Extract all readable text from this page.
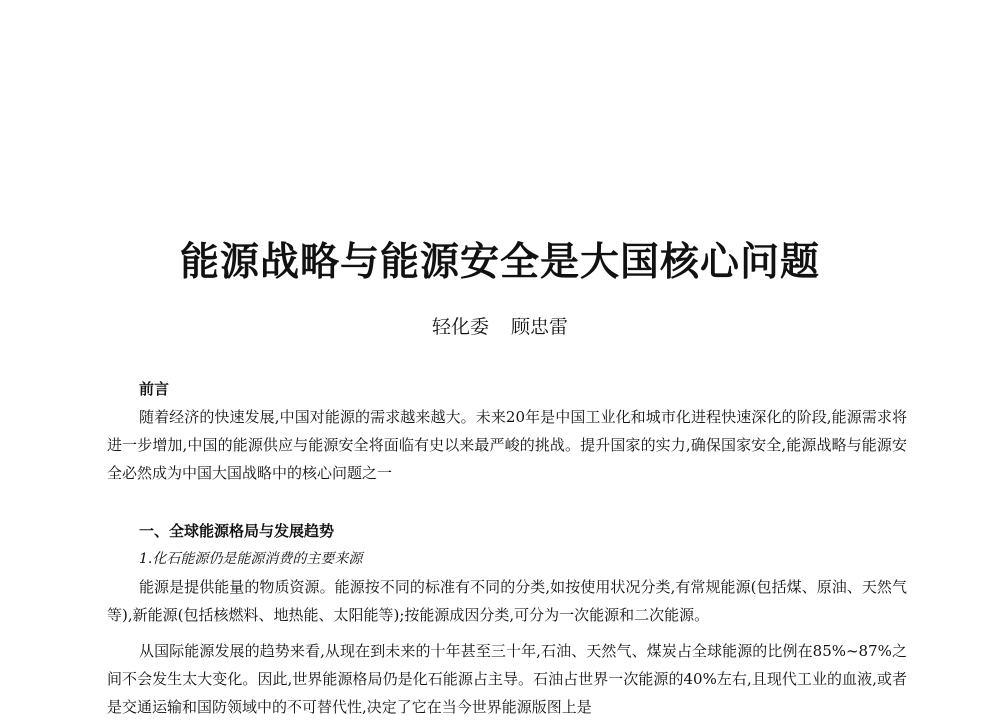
能源战略与能源安全是大国核心问题
轻化委 顾忠雷

前言

随着经济的快速发展,中国对能源的需求越来越大。未来20年是中国工业化和城市化进程快速深化的阶段,能源需求将进一步增加,中国的能源供应与能源安全将面临有史以来最严峻的挑战。提升国家的实力,确保国家安全,能源战略与能源安全必然成为中国大国战略中的核心问题之一

一、全球能源格局与发展趋势

1.化石能源仍是能源消费的主要来源

能源是提供能量的物质资源。能源按不同的标准有不同的分类,如按使用状况分类,有常规能源(包括煤、原油、天然气等),新能源(包括核燃料、地热能、太阳能等);按能源成因分类,可分为一次能源和二次能源。

从国际能源发展的趋势来看,从现在到未来的十年甚至三十年,石油、天然气、煤炭占全球能源的比例在85%~87%之间不会发生太大变化。因此,世界能源格局仍是化石能源占主导。石油占世界一次能源的40%左右,且现代工业的血液,或者是交通运输和国防领域中的不可替代性,决定了它在当今世界能源版图上是
